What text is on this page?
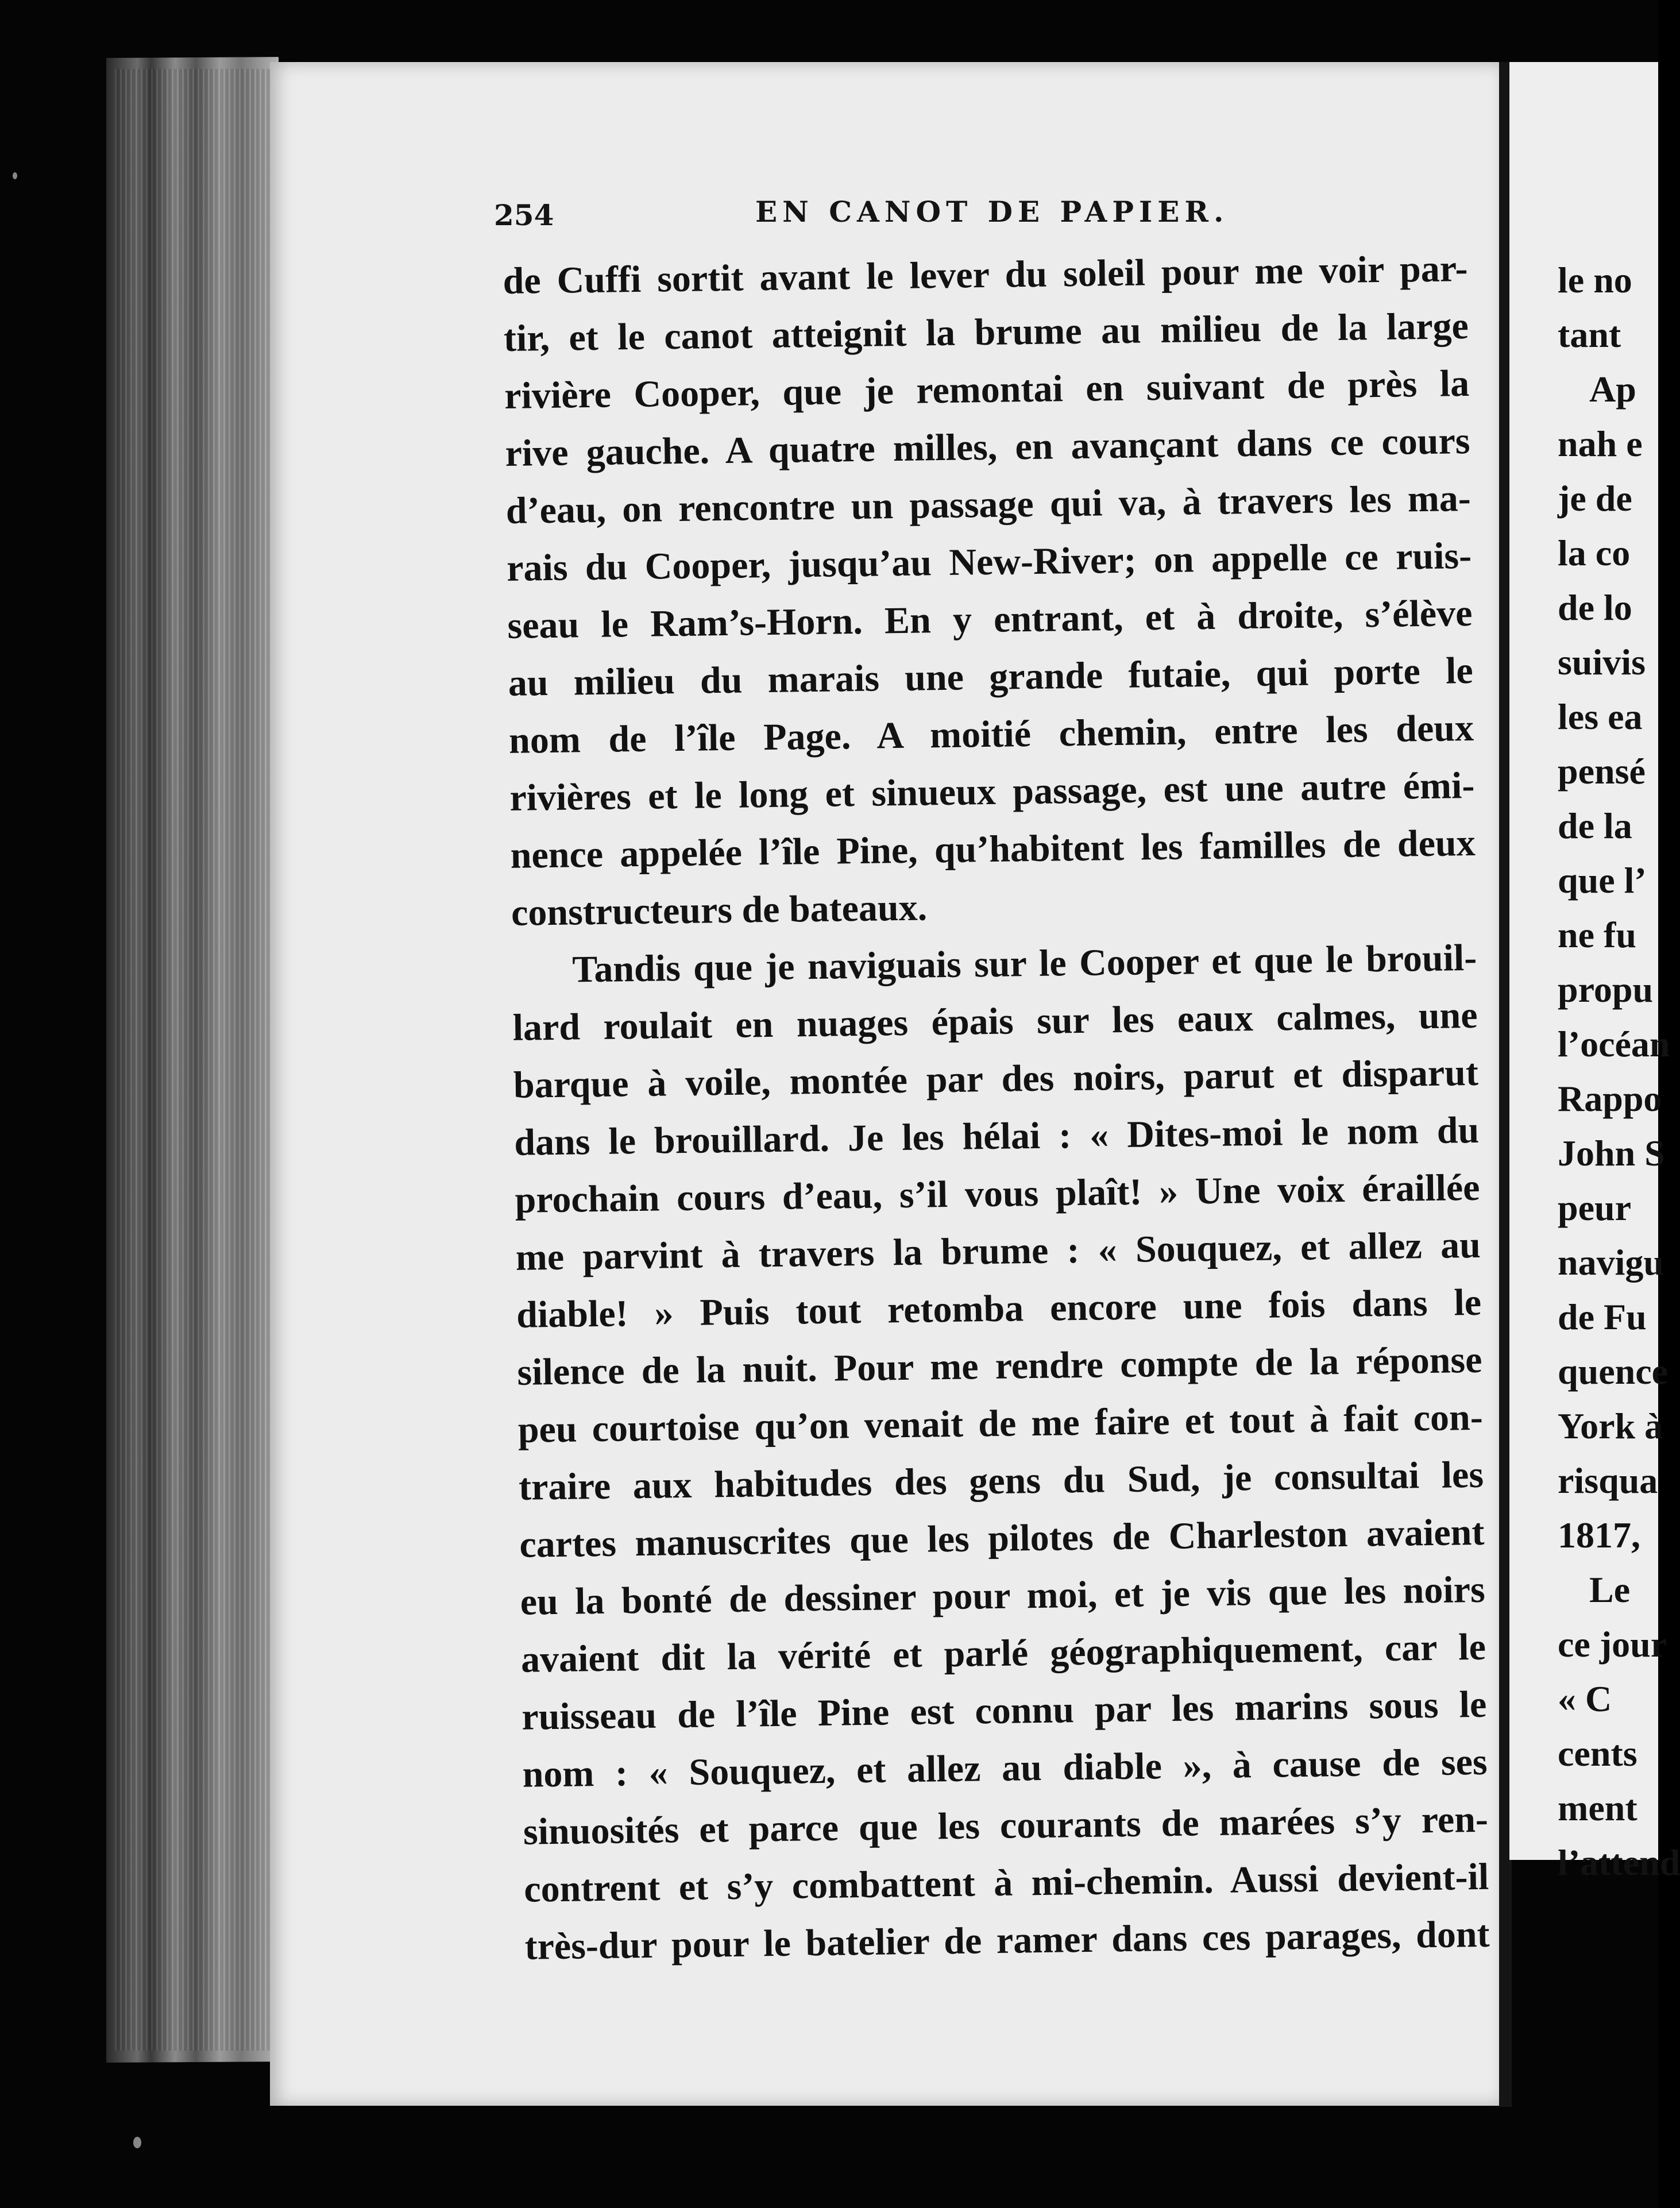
254	EN CANOT DE PAPIER.
de Cuffi sortit avant le lever du soleil pour me voir par-
tir, et le canot atteignit la brume au milieu de la large
rivière Cooper, que je remontai en suivant de près la
rive gauche. A quatre milles, en avançant dans ce cours
d’eau, on rencontre un passage qui va, à travers les ma-
rais du Cooper, jusqu’au New-River; on appelle ce ruis-
seau le Ram’s-Horn. En y entrant, et à droite, s’élève
au milieu du marais une grande futaie, qui porte le
nom de l’île Page. A moitié chemin, entre les deux
rivières et le long et sinueux passage, est une autre émi-
nence appelée l’île Pine, qu’habitent les familles de deux
constructeurs de bateaux.
Tandis que je naviguais sur le Cooper et que le brouil-
lard roulait en nuages épais sur les eaux calmes, une
barque à voile, montée par des noirs, parut et disparut
dans le brouillard. Je les hélai : « Dites-moi le nom du
prochain cours d’eau, s’il vous plaît! » Une voix éraillée
me parvint à travers la brume : « Souquez, et allez au
diable! » Puis tout retomba encore une fois dans le
silence de la nuit. Pour me rendre compte de la réponse
peu courtoise qu’on venait de me faire et tout à fait con-
traire aux habitudes des gens du Sud, je consultai les
cartes manuscrites que les pilotes de Charleston avaient
eu la bonté de dessiner pour moi, et je vis que les noirs
avaient dit la vérité et parlé géographiquement, car le
ruisseau de l’île Pine est connu par les marins sous le
nom : « Souquez, et allez au diable », à cause de ses
sinuosités et parce que les courants de marées s’y ren-
contrent et s’y combattent à mi-chemin. Aussi devient-il
très-dur pour le batelier de ramer dans ces parages, dont
le no
tant
Ap
nah e
je de
la co
de lo
suivis
les ea
pensé
de la
que l’
ne fu
propu
l’océan
Rappo
John S
peur
navigu
de Fu
quence
York à
risqua
1817,
Le
ce jour
« C
cents
ment
l’attend
